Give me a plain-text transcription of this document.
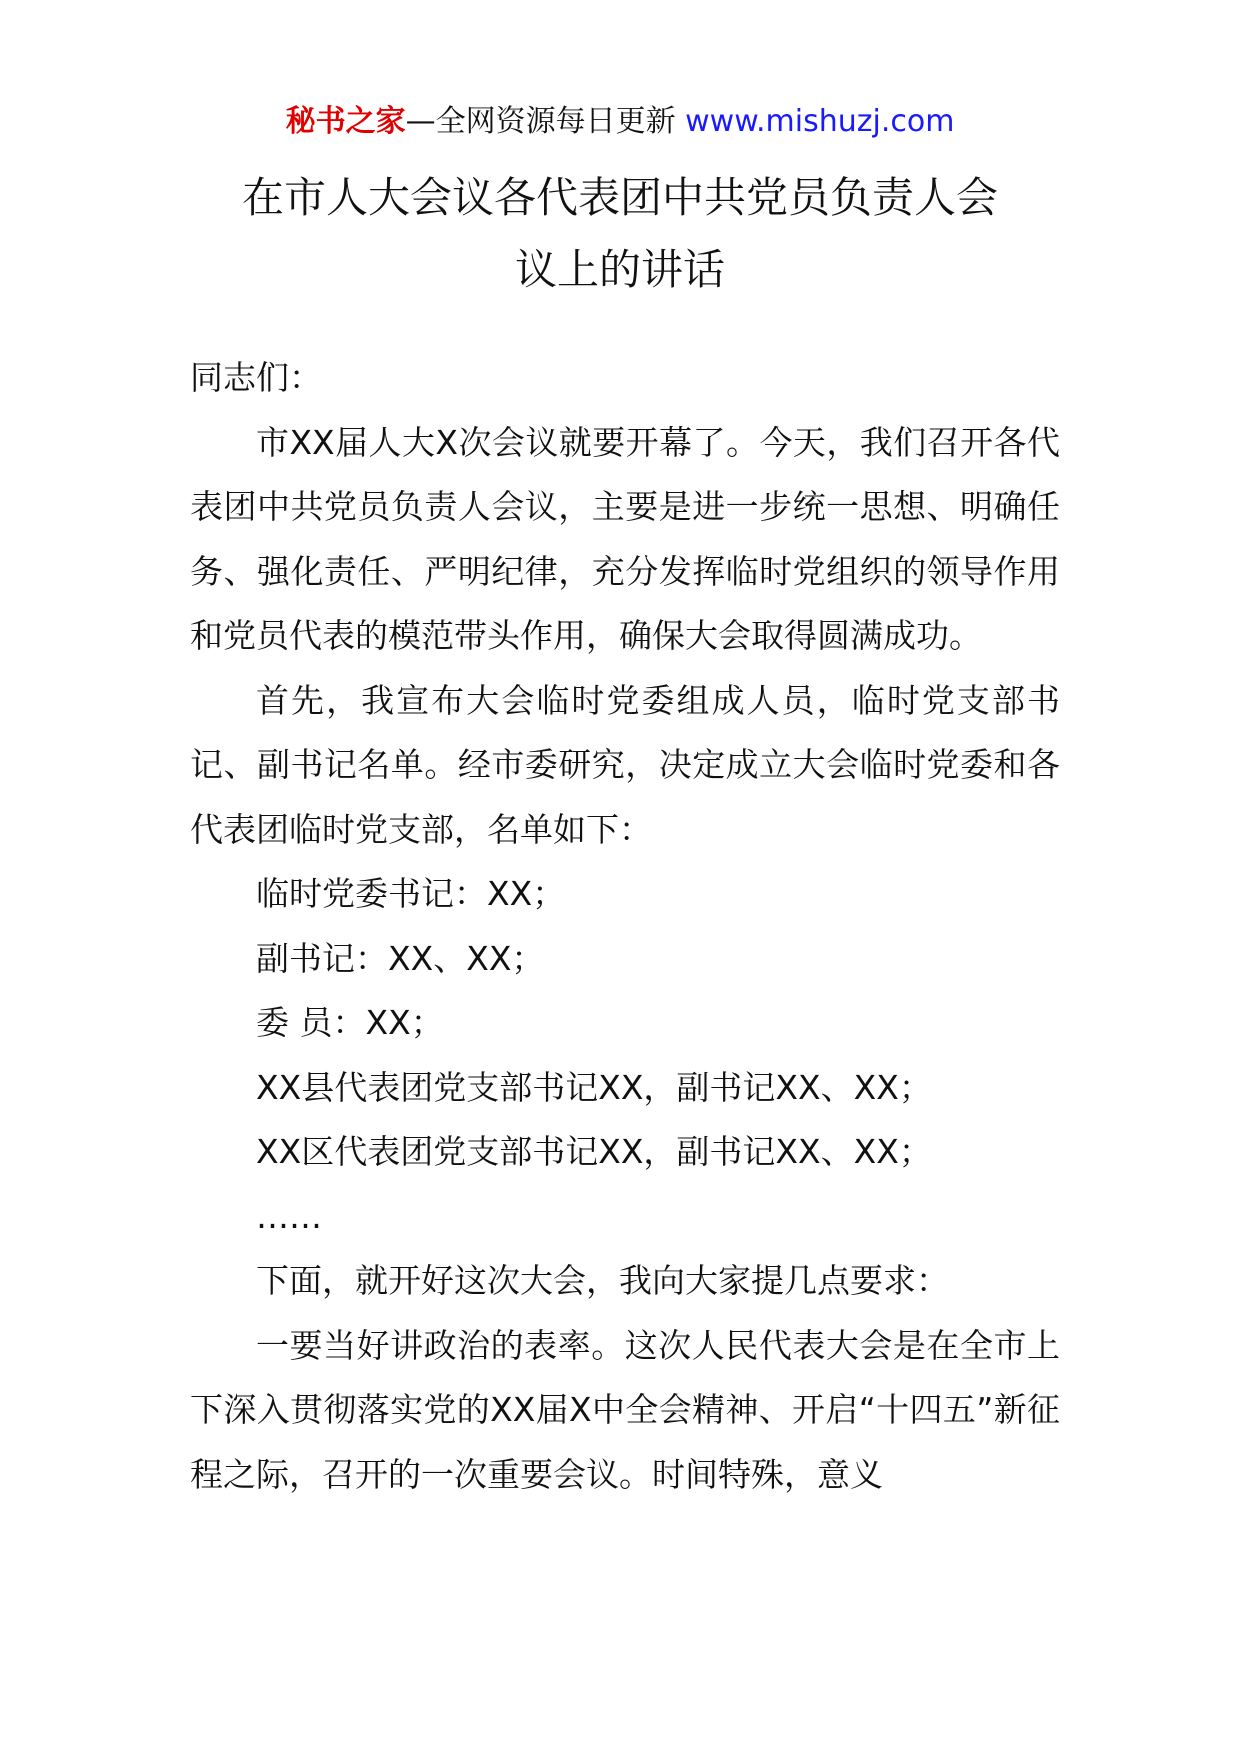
秘书之家—全网资源每日更新 www.mishuzj.com
在市人大会议各代表团中共党员负责人会
议上的讲话

同志们：

市XX届人大X次会议就要开幕了。今天，我们召开各代表团中共党员负责人会议，主要是进一步统一思想、明确任务、强化责任、严明纪律，充分发挥临时党组织的领导作用和党员代表的模范带头作用，确保大会取得圆满成功。

首先，我宣布大会临时党委组成人员，临时党支部书记、副书记名单。经市委研究，决定成立大会临时党委和各代表团临时党支部，名单如下：

临时党委书记：XX；

副书记：XX、XX；

委 员：XX；

XX县代表团党支部书记XX，副书记XX、XX；

XX区代表团党支部书记XX，副书记XX、XX；

……

下面，就开好这次大会，我向大家提几点要求：

一要当好讲政治的表率。这次人民代表大会是在全市上下深入贯彻落实党的XX届X中全会精神、开启“十四五”新征程之际，召开的一次重要会议。时间特殊，意义
